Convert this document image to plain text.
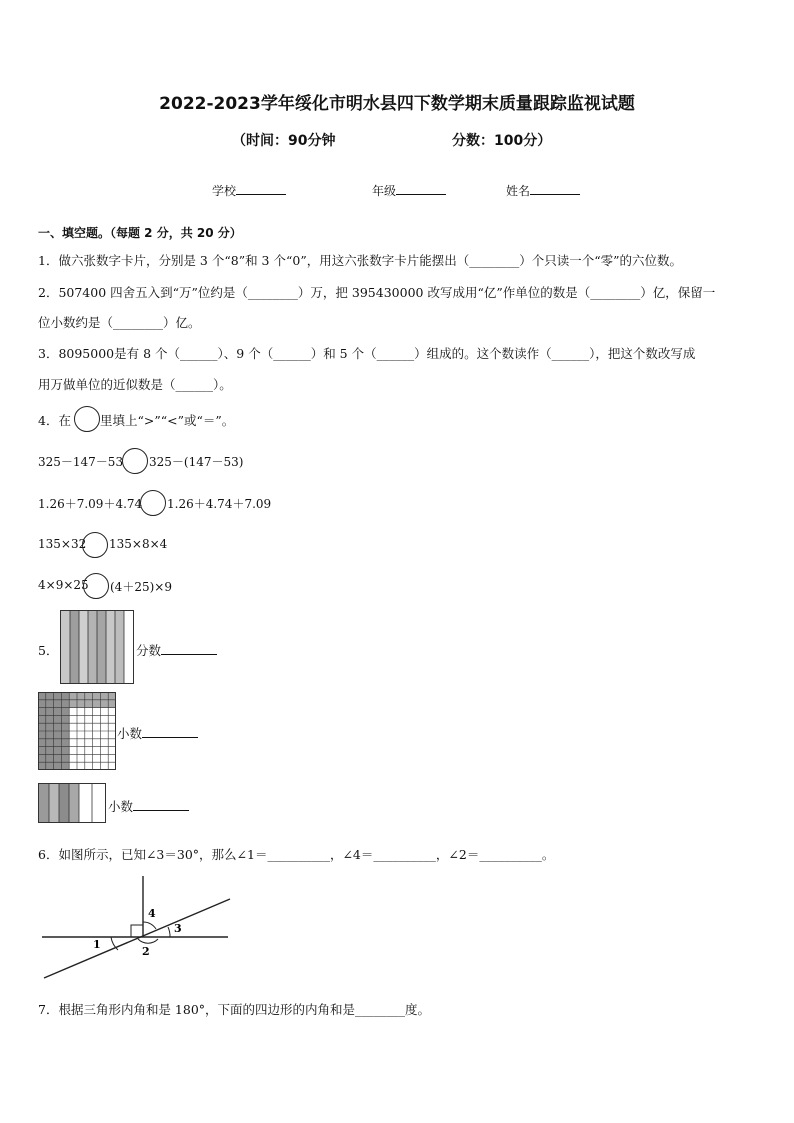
2022-2023学年绥化市明水县四下数学期末质量跟踪监视试题
（时间：90分钟	分数：100分）
学校	年级	姓名
一、填空题。（每题 2 分，共 20 分）
1．做六张数字卡片，分别是 3 个“8”和 3 个“0”，用这六张数字卡片能摆出（________）个只读一个“零”的六位数。
2．507400 四舍五入到“万”位约是（________）万，把 395430000 改写成用“亿”作单位的数是（________）亿，保留一
位小数约是（________）亿。
3．8095000是有 8 个（______）、9 个（______）和 5 个（______）组成的。这个数读作（______），把这个数改写成
用万做单位的近似数是（______）。
4．在 里填上“>”“<”或“＝”。
325－147－53 325－(147－53)
1.26＋7.09＋4.74 1.26＋4.74＋7.09
135×32 135×8×4
4×9×25 (4＋25)×9
5．	分数
小数
小数
6．如图所示，已知∠3＝30°，那么∠1＝__________，∠4＝__________，∠2＝__________。
1
2
3
4
7．根据三角形内角和是 180°，下面的四边形的内角和是________度。
